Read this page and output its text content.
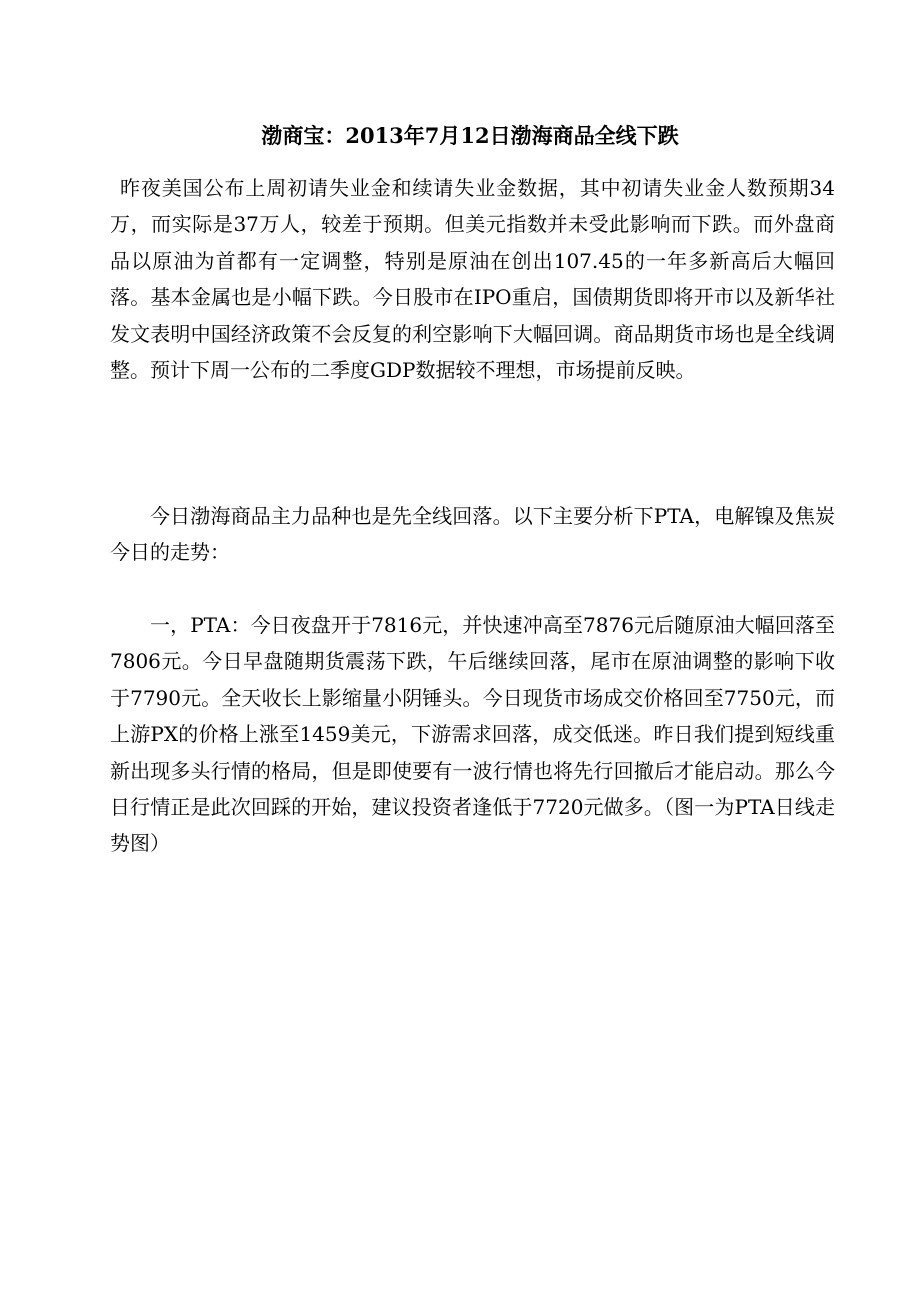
渤商宝：2013年7月12日渤海商品全线下跌

昨夜美国公布上周初请失业金和续请失业金数据，其中初请失业金人数预期34万，而实际是37万人，较差于预期。但美元指数并未受此影响而下跌。而外盘商品以原油为首都有一定调整，特别是原油在创出107.45的一年多新高后大幅回落。基本金属也是小幅下跌。今日股市在IPO重启，国债期货即将开市以及新华社发文表明中国经济政策不会反复的利空影响下大幅回调。商品期货市场也是全线调整。预计下周一公布的二季度GDP数据较不理想，市场提前反映。

今日渤海商品主力品种也是先全线回落。以下主要分析下PTA，电解镍及焦炭今日的走势：

一，PTA：今日夜盘开于7816元，并快速冲高至7876元后随原油大幅回落至7806元。今日早盘随期货震荡下跌，午后继续回落，尾市在原油调整的影响下收于7790元。全天收长上影缩量小阴锤头。今日现货市场成交价格回至7750元，而上游PX的价格上涨至1459美元，下游需求回落，成交低迷。昨日我们提到短线重新出现多头行情的格局，但是即使要有一波行情也将先行回撤后才能启动。那么今日行情正是此次回踩的开始，建议投资者逢低于7720元做多。（图一为PTA日线走势图）
